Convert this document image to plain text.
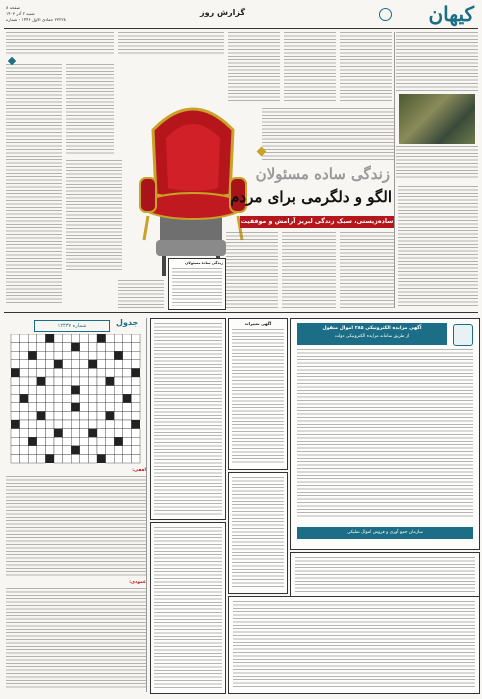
کیهان
گزارش روز
صفحه ۸
شنبه ۲ آذر ۱۴۰۳
۲۳۲۲۸ جمادی الاول ۱۴۴۶ - شماره
زندگی ساده مسئولان
الگو و دلگرمی برای مردم
ساده‌زیستی، سبک زندگی لبریز آرامش و موفقیت
زندگی ساده مسئولان
آگهی مزایده الکترونیکی ۲۸۵ اموال منقول
از طریق سامانه مزایده الکترونیکی دولت
سازمان جمع آوری و فروش اموال تملیکی
آگهی تغییرات
جدول
شماره ۱۲۴۳۷
افقی:
عمودی:
